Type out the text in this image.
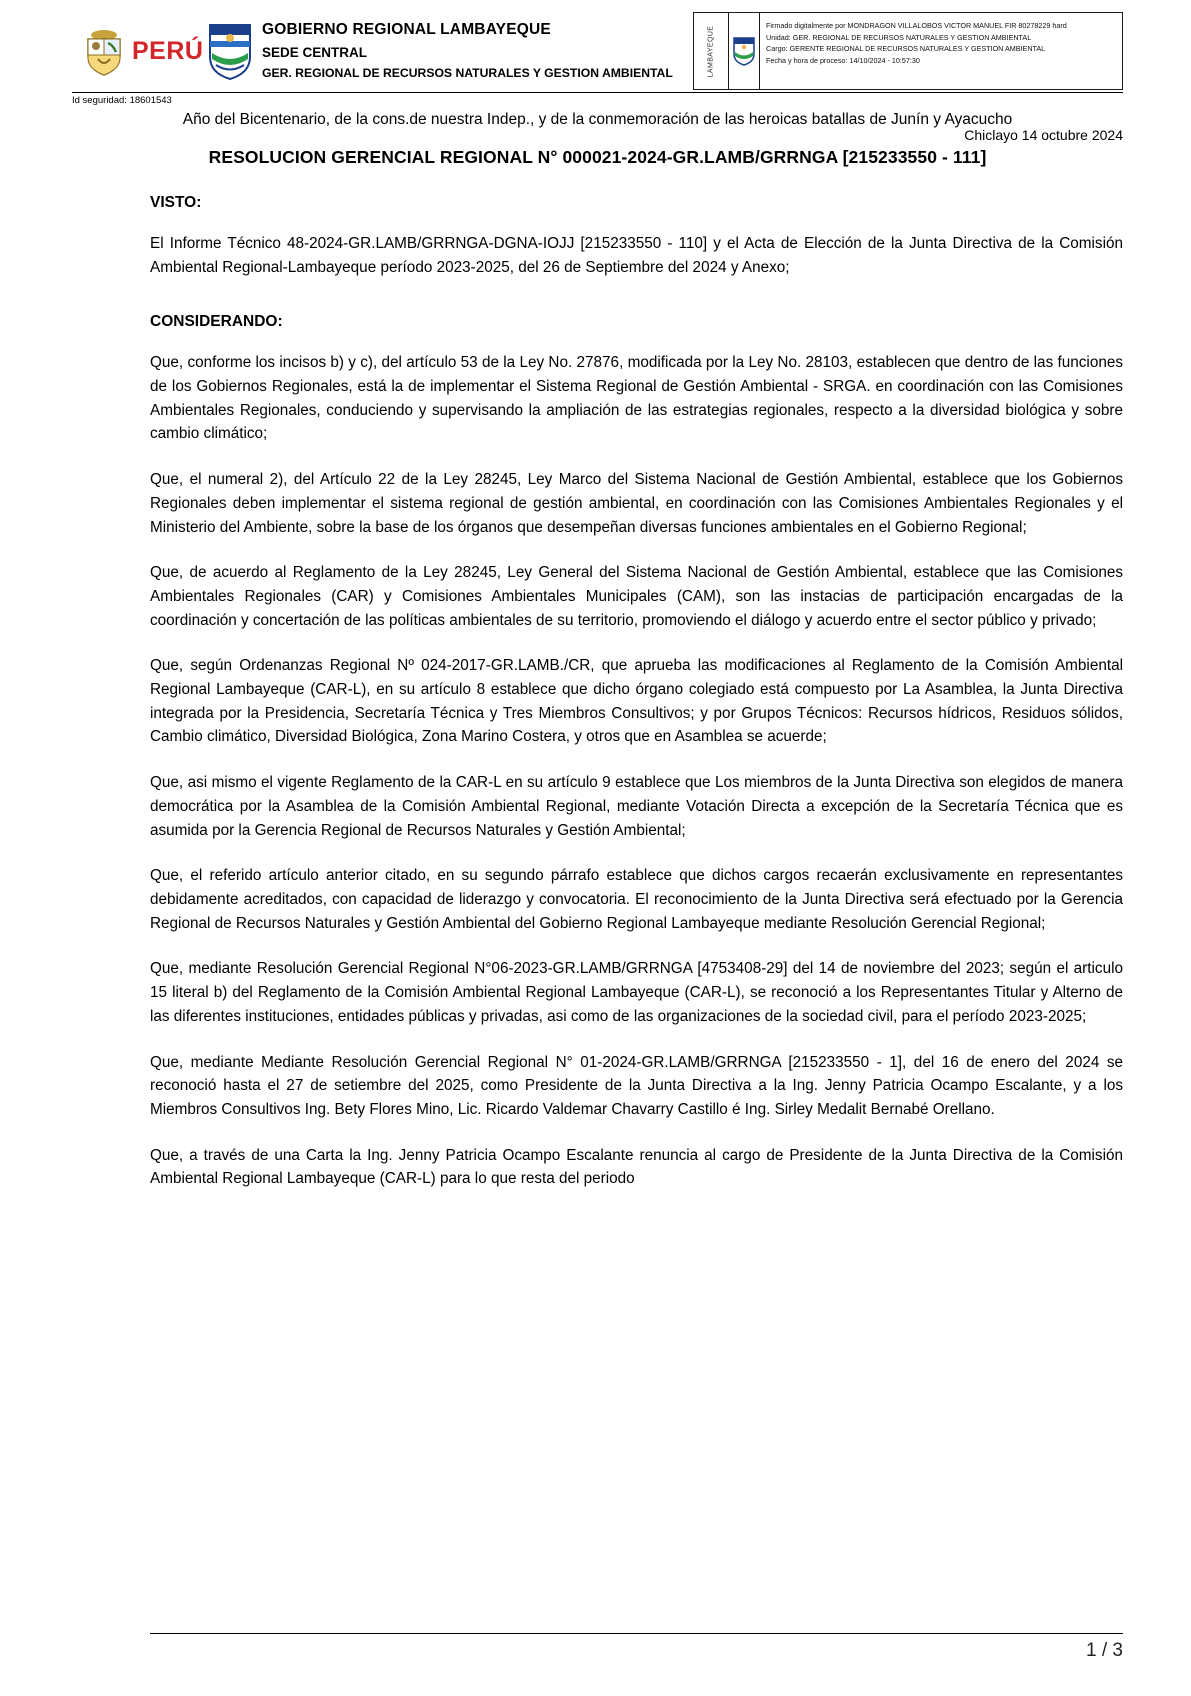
PERÚ
GOBIERNO REGIONAL LAMBAYEQUE
SEDE CENTRAL
GER. REGIONAL DE RECURSOS NATURALES Y GESTION AMBIENTAL	LAMBAYEQUE	Firmado digitalmente por MONDRAGON VILLALOBOS VICTOR MANUEL FIR 80278229 hard
Unidad: GER. REGIONAL DE RECURSOS NATURALES Y GESTION AMBIENTAL
Cargo: GERENTE REGIONAL DE RECURSOS NATURALES Y GESTION AMBIENTAL
Fecha y hora de proceso: 14/10/2024 - 10:57:30
Id seguridad: 18601543
Año del Bicentenario, de la cons.de nuestra Indep., y de la conmemoración de las heroicas batallas de Junín y Ayacucho
Chiclayo 14 octubre 2024
RESOLUCION GERENCIAL REGIONAL N° 000021-2024-GR.LAMB/GRRNGA [215233550 - 111]
VISTO:

El Informe Técnico 48-2024-GR.LAMB/GRRNGA-DGNA-IOJJ [215233550 - 110] y el Acta de Elección de la Junta Directiva de la Comisión Ambiental Regional-Lambayeque período 2023-2025, del 26 de Septiembre del 2024 y Anexo;

CONSIDERANDO:

Que, conforme los incisos b) y c), del artículo 53 de la Ley No. 27876, modificada por la Ley No. 28103, establecen que dentro de las funciones de los Gobiernos Regionales, está la de implementar el Sistema Regional de Gestión Ambiental - SRGA. en coordinación con las Comisiones Ambientales Regionales, conduciendo y supervisando la ampliación de las estrategias regionales, respecto a la diversidad biológica y sobre cambio climático;

Que, el numeral 2), del Artículo 22 de la Ley 28245, Ley Marco del Sistema Nacional de Gestión Ambiental, establece que los Gobiernos Regionales deben implementar el sistema regional de gestión ambiental, en coordinación con las Comisiones Ambientales Regionales y el Ministerio del Ambiente, sobre la base de los órganos que desempeñan diversas funciones ambientales en el Gobierno Regional;

Que, de acuerdo al Reglamento de la Ley 28245, Ley General del Sistema Nacional de Gestión Ambiental, establece que las Comisiones Ambientales Regionales (CAR) y Comisiones Ambientales Municipales (CAM), son las instacias de participación encargadas de la coordinación y concertación de las políticas ambientales de su territorio, promoviendo el diálogo y acuerdo entre el sector público y privado;

Que, según Ordenanzas Regional Nº 024-2017-GR.LAMB./CR, que aprueba las modificaciones al Reglamento de la Comisión Ambiental Regional Lambayeque (CAR-L), en su artículo 8 establece que dicho órgano colegiado está compuesto por La Asamblea, la Junta Directiva integrada por la Presidencia, Secretaría Técnica y Tres Miembros Consultivos; y por Grupos Técnicos: Recursos hídricos, Residuos sólidos, Cambio climático, Diversidad Biológica, Zona Marino Costera, y otros que en Asamblea se acuerde;

Que, asi mismo el vigente Reglamento de la CAR-L en su artículo 9 establece que Los miembros de la Junta Directiva son elegidos de manera democrática por la Asamblea de la Comisión Ambiental Regional, mediante Votación Directa a excepción de la Secretaría Técnica que es asumida por la Gerencia Regional de Recursos Naturales y Gestión Ambiental;

Que, el referido artículo anterior citado, en su segundo párrafo establece que dichos cargos recaerán exclusivamente en representantes debidamente acreditados, con capacidad de liderazgo y convocatoria. El reconocimiento de la Junta Directiva será efectuado por la Gerencia Regional de Recursos Naturales y Gestión Ambiental del Gobierno Regional Lambayeque mediante Resolución Gerencial Regional;

Que, mediante Resolución Gerencial Regional N°06-2023-GR.LAMB/GRRNGA [4753408-29] del 14 de noviembre del 2023; según el articulo 15 literal b) del Reglamento de la Comisión Ambiental Regional Lambayeque (CAR-L), se reconoció a los Representantes Titular y Alterno de las diferentes instituciones, entidades públicas y privadas, asi como de las organizaciones de la sociedad civil, para el período 2023-2025;

Que, mediante Mediante Resolución Gerencial Regional N° 01-2024-GR.LAMB/GRRNGA [215233550 - 1], del 16 de enero del 2024 se reconoció hasta el 27 de setiembre del 2025, como Presidente de la Junta Directiva a la Ing. Jenny Patricia Ocampo Escalante, y a los Miembros Consultivos Ing. Bety Flores Mino, Lic. Ricardo Valdemar Chavarry Castillo é Ing. Sirley Medalit Bernabé Orellano.

Que, a través de una Carta la Ing. Jenny Patricia Ocampo Escalante renuncia al cargo de Presidente de la Junta Directiva de la Comisión Ambiental Regional Lambayeque (CAR-L) para lo que resta del periodo

1 / 3
